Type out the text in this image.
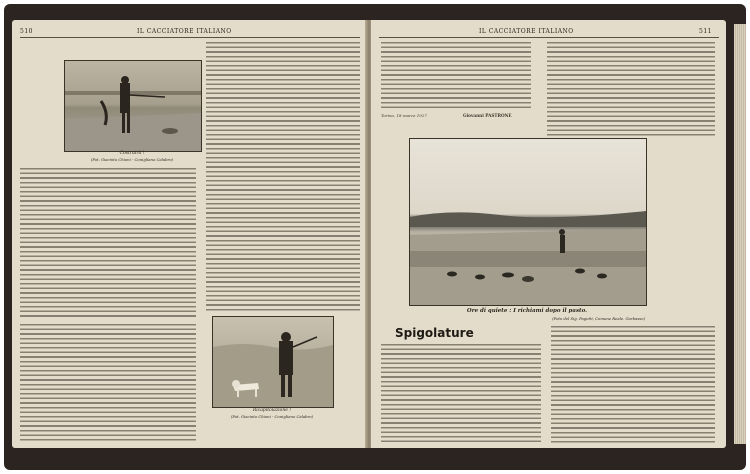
510	IL CACCIATORE ITALIANO
Costruirà !
(Fot. Giacinto Chioni - Conigliano Calabro)
Ricapitolazione !
(Fot. Giacinto Chioni - Conigliano Calabro)
IL CACCIATORE ITALIANO	511
Torino, 18 marzo 1927	Giovanni PASTRONE
Ore di quiete : I richiami dopo il pasto.
(Foto del Sig. Pagetti, Comune Reale. Garbasso)
Spigolature
